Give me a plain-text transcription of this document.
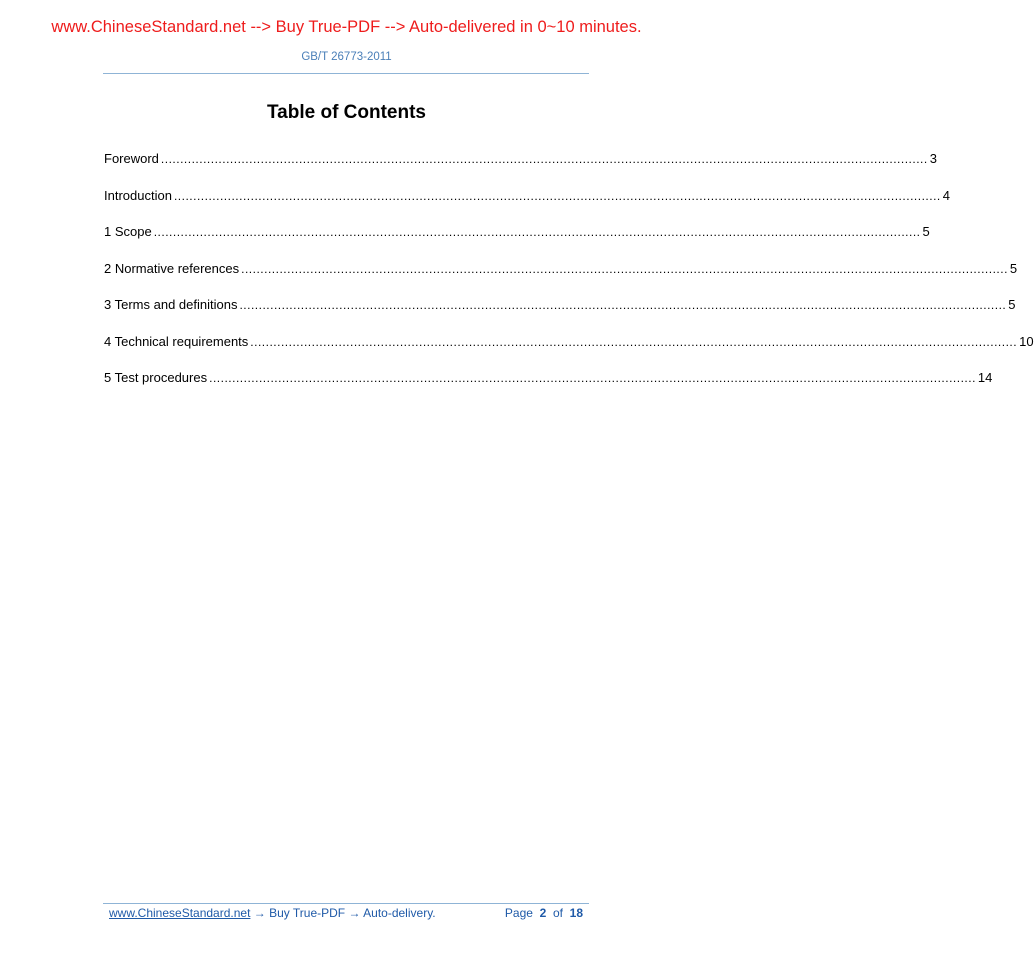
www.ChineseStandard.net --> Buy True-PDF --> Auto-delivered in 0~10 minutes.
GB/T 26773-2011
Table of Contents
Foreword ........................................................................................................................................................................................................ 3
Introduction ........................................................................................................................................................................................................ 4
1 Scope ........................................................................................................................................................................................................ 5
2 Normative references ........................................................................................................................................................................................................ 5
3 Terms and definitions ........................................................................................................................................................................................................ 5
4 Technical requirements ........................................................................................................................................................................................................ 10
5 Test procedures ........................................................................................................................................................................................................ 14
www.ChineseStandard.net → Buy True-PDF → Auto-delivery.	Page 2 of 18
